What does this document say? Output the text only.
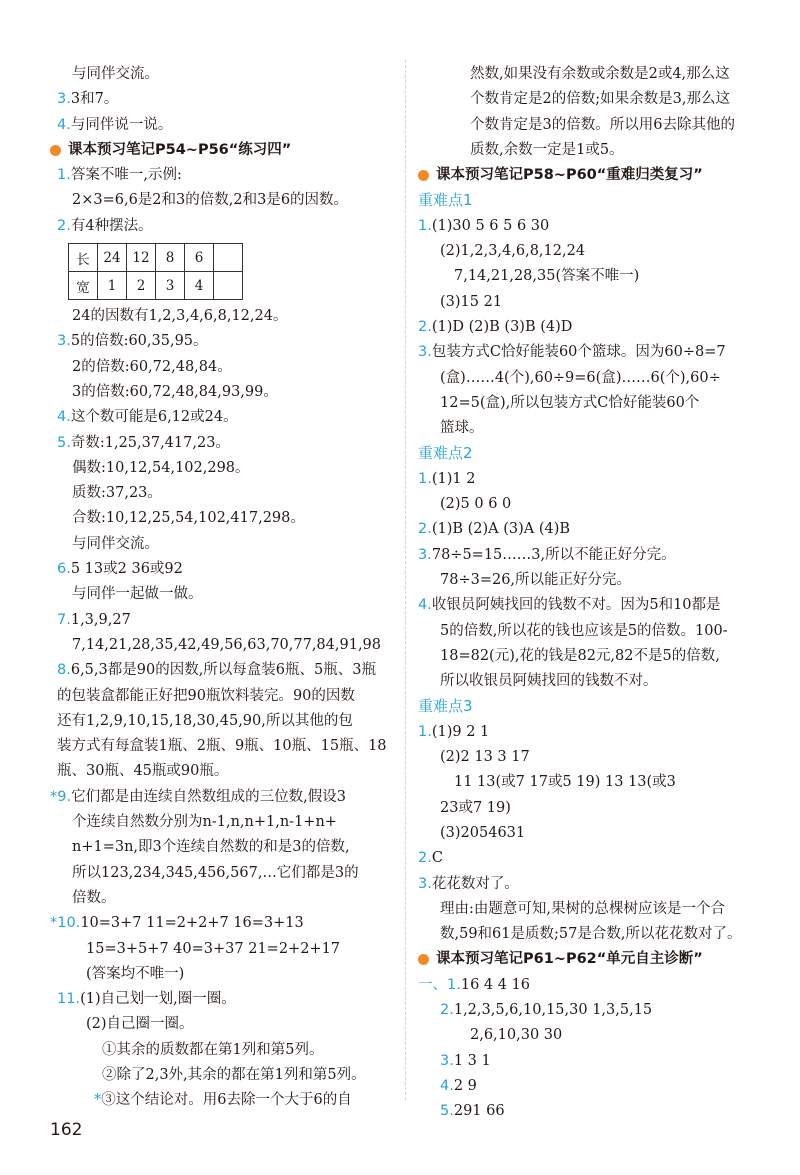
与同伴交流。
3.3和7。
4.与同伴说一说。
课本预习笔记P54~P56“练习四”
1.答案不唯一,示例:
2×3=6,6是2和3的倍数,2和3是6的因数。
2.有4种摆法。
长	24	12	8	6	
宽	1	2	3	4	
24的因数有1,2,3,4,6,8,12,24。
3.5的倍数:60,35,95。
2的倍数:60,72,48,84。
3的倍数:60,72,48,84,93,99。
4.这个数可能是6,12或24。
5.奇数:1,25,37,417,23。
偶数:10,12,54,102,298。
质数:37,23。
合数:10,12,25,54,102,417,298。
与同伴交流。
6.5 13或2 36或92
与同伴一起做一做。
7.1,3,9,27
7,14,21,28,35,42,49,56,63,70,77,84,91,98
8.6,5,3都是90的因数,所以每盒装6瓶、5瓶、3瓶
的包装盒都能正好把90瓶饮料装完。90的因数
还有1,2,9,10,15,18,30,45,90,所以其他的包
装方式有每盒装1瓶、2瓶、9瓶、10瓶、15瓶、18
瓶、30瓶、45瓶或90瓶。
*9.它们都是由连续自然数组成的三位数,假设3
个连续自然数分别为n-1,n,n+1,n-1+n+
n+1=3n,即3个连续自然数的和是3的倍数,
所以123,234,345,456,567,…它们都是3的
倍数。
*10.10=3+7 11=2+2+7 16=3+13
15=3+5+7 40=3+37 21=2+2+17
(答案均不唯一)
11.(1)自己划一划,圈一圈。
(2)自己圈一圈。
①其余的质数都在第1列和第5列。
②除了2,3外,其余的都在第1列和第5列。
*③这个结论对。用6去除一个大于6的自
然数,如果没有余数或余数是2或4,那么这
个数肯定是2的倍数;如果余数是3,那么这
个数肯定是3的倍数。所以用6去除其他的
质数,余数一定是1或5。
课本预习笔记P58~P60“重难归类复习”
重难点1
1.(1)30 5 6 5 6 30
(2)1,2,3,4,6,8,12,24
7,14,21,28,35(答案不唯一)
(3)15 21
2.(1)D (2)B (3)B (4)D
3.包装方式C恰好能装60个篮球。因为60÷8=7
(盒)……4(个),60÷9=6(盒)……6(个),60÷
12=5(盒),所以包装方式C恰好能装60个
篮球。
重难点2
1.(1)1 2
(2)5 0 6 0
2.(1)B (2)A (3)A (4)B
3.78÷5=15……3,所以不能正好分完。
78÷3=26,所以能正好分完。
4.收银员阿姨找回的钱数不对。因为5和10都是
5的倍数,所以花的钱也应该是5的倍数。100-
18=82(元),花的钱是82元,82不是5的倍数,
所以收银员阿姨找回的钱数不对。
重难点3
1.(1)9 2 1
(2)2 13 3 17
11 13(或7 17或5 19) 13 13(或3
23或7 19)
(3)2054631
2.C
3.花花数对了。
理由:由题意可知,果树的总棵树应该是一个合
数,59和61是质数;57是合数,所以花花数对了。
课本预习笔记P61~P62“单元自主诊断”
一、1.16 4 4 16
2.1,2,3,5,6,10,15,30 1,3,5,15
2,6,10,30 30
3.1 3 1
4.2 9
5.291 66
162
